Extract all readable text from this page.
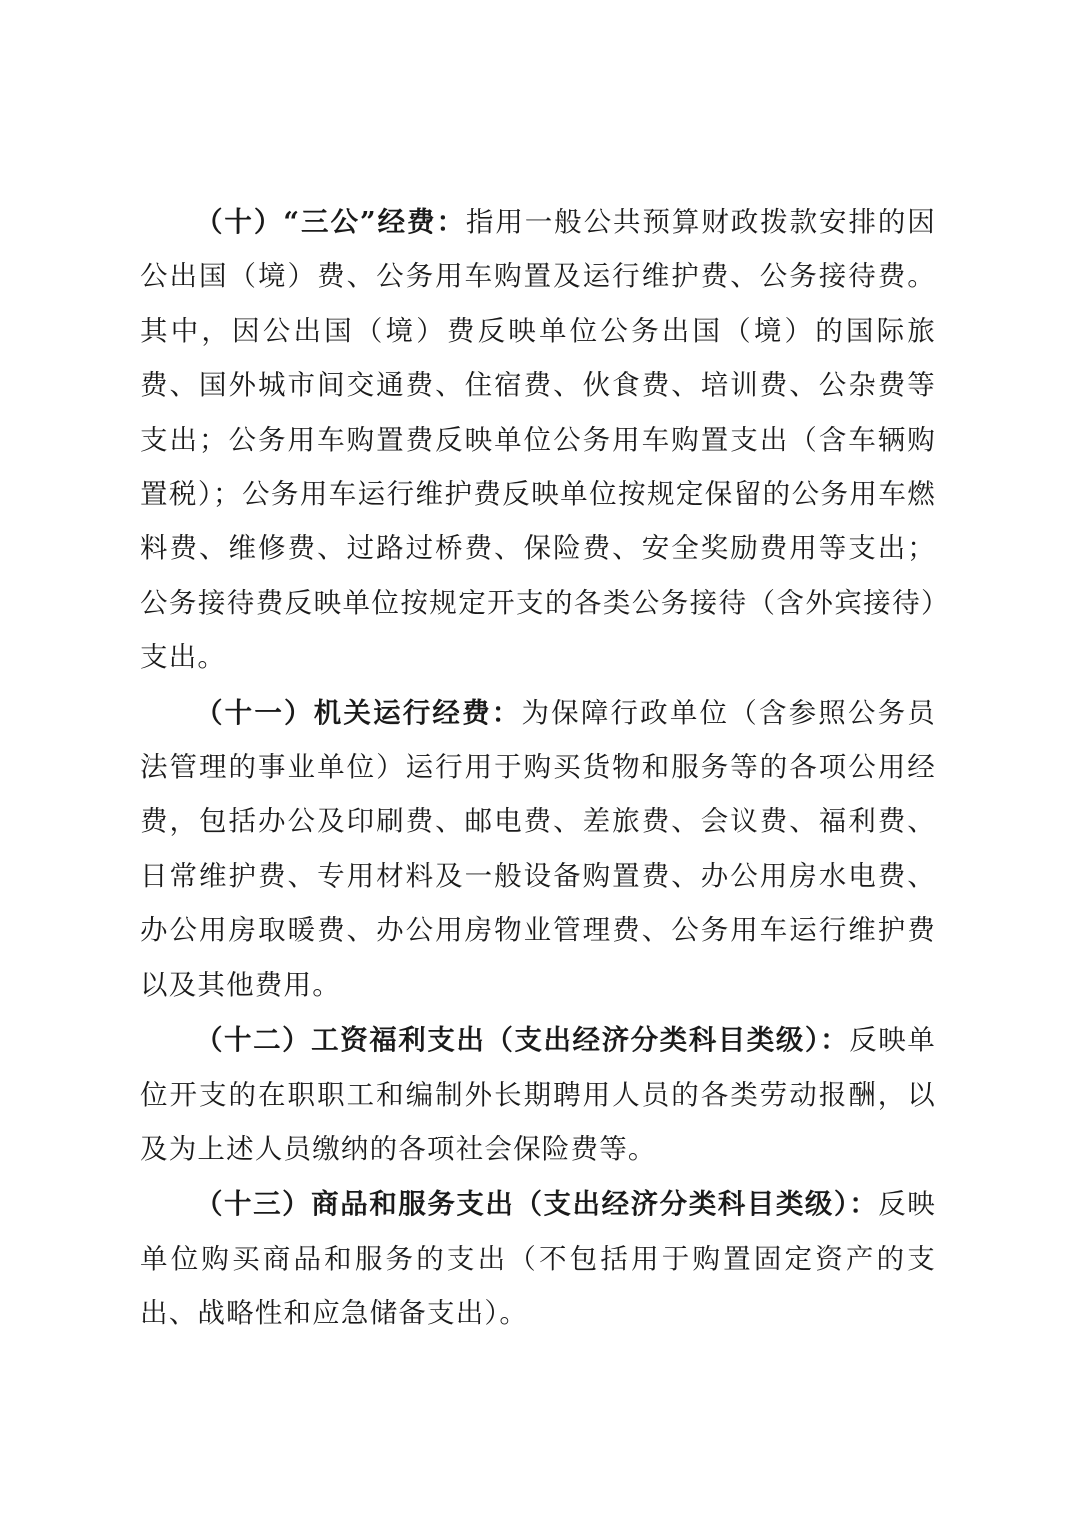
（十）“三公”经费：指用一般公共预算财政拨款安排的因公出国（境）费、公务用车购置及运行维护费、公务接待费。其中，因公出国（境）费反映单位公务出国（境）的国际旅费、国外城市间交通费、住宿费、伙食费、培训费、公杂费等支出；公务用车购置费反映单位公务用车购置支出（含车辆购置税）；公务用车运行维护费反映单位按规定保留的公务用车燃料费、维修费、过路过桥费、保险费、安全奖励费用等支出；公务接待费反映单位按规定开支的各类公务接待（含外宾接待）支出。

（十一）机关运行经费：为保障行政单位（含参照公务员法管理的事业单位）运行用于购买货物和服务等的各项公用经费，包括办公及印刷费、邮电费、差旅费、会议费、福利费、日常维护费、专用材料及一般设备购置费、办公用房水电费、办公用房取暖费、办公用房物业管理费、公务用车运行维护费以及其他费用。

（十二）工资福利支出（支出经济分类科目类级）：反映单位开支的在职职工和编制外长期聘用人员的各类劳动报酬，以及为上述人员缴纳的各项社会保险费等。

（十三）商品和服务支出（支出经济分类科目类级）：反映单位购买商品和服务的支出（不包括用于购置固定资产的支出、战略性和应急储备支出）。
